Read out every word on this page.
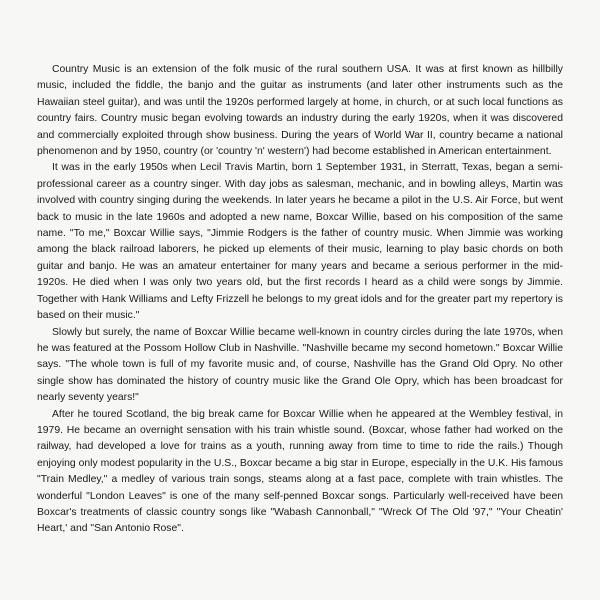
Country Music is an extension of the folk music of the rural southern USA. It was at first known as hillbilly music, included the fiddle, the banjo and the guitar as instruments (and later other instruments such as the Hawaiian steel guitar), and was until the 1920s performed largely at home, in church, or at such local functions as country fairs. Country music began evolving towards an industry during the early 1920s, when it was discovered and commercially exploited through show business. During the years of World War II, country became a national phenomenon and by 1950, country (or 'country 'n' western') had become established in American entertainment.

It was in the early 1950s when Lecil Travis Martin, born 1 September 1931, in Sterratt, Texas, began a semi-professional career as a country singer. With day jobs as salesman, mechanic, and in bowling alleys, Martin was involved with country singing during the weekends. In later years he became a pilot in the U.S. Air Force, but went back to music in the late 1960s and adopted a new name, Boxcar Willie, based on his composition of the same name. "To me," Boxcar Willie says, "Jimmie Rodgers is the father of country music. When Jimmie was working among the black railroad laborers, he picked up elements of their music, learning to play basic chords on both guitar and banjo. He was an amateur entertainer for many years and became a serious performer in the mid- 1920s. He died when I was only two years old, but the first records I heard as a child were songs by Jimmie. Together with Hank Williams and Lefty Frizzell he belongs to my great idols and for the greater part my repertory is based on their music."

Slowly but surely, the name of Boxcar Willie became well-known in country circles during the late 1970s, when he was featured at the Possom Hollow Club in Nashville. "Nashville became my second hometown." Boxcar Willie says. "The whole town is full of my favorite music and, of course, Nashville has the Grand Old Opry. No other single show has dominated the history of country music like the Grand Ole Opry, which has been broadcast for nearly seventy years!"

After he toured Scotland, the big break came for Boxcar Willie when he appeared at the Wembley festival, in 1979. He became an overnight sensation with his train whistle sound. (Boxcar, whose father had worked on the railway, had developed a love for trains as a youth, running away from time to time to ride the rails.) Though enjoying only modest popularity in the U.S., Boxcar became a big star in Europe, especially in the U.K. His famous "Train Medley," a medley of various train songs, steams along at a fast pace, complete with train whistles. The wonderful "London Leaves" is one of the many self-penned Boxcar songs. Particularly well-received have been Boxcar's treatments of classic country songs like "Wabash Cannonball," "Wreck Of The Old '97," "Your Cheatin' Heart,' and "San Antonio Rose".
